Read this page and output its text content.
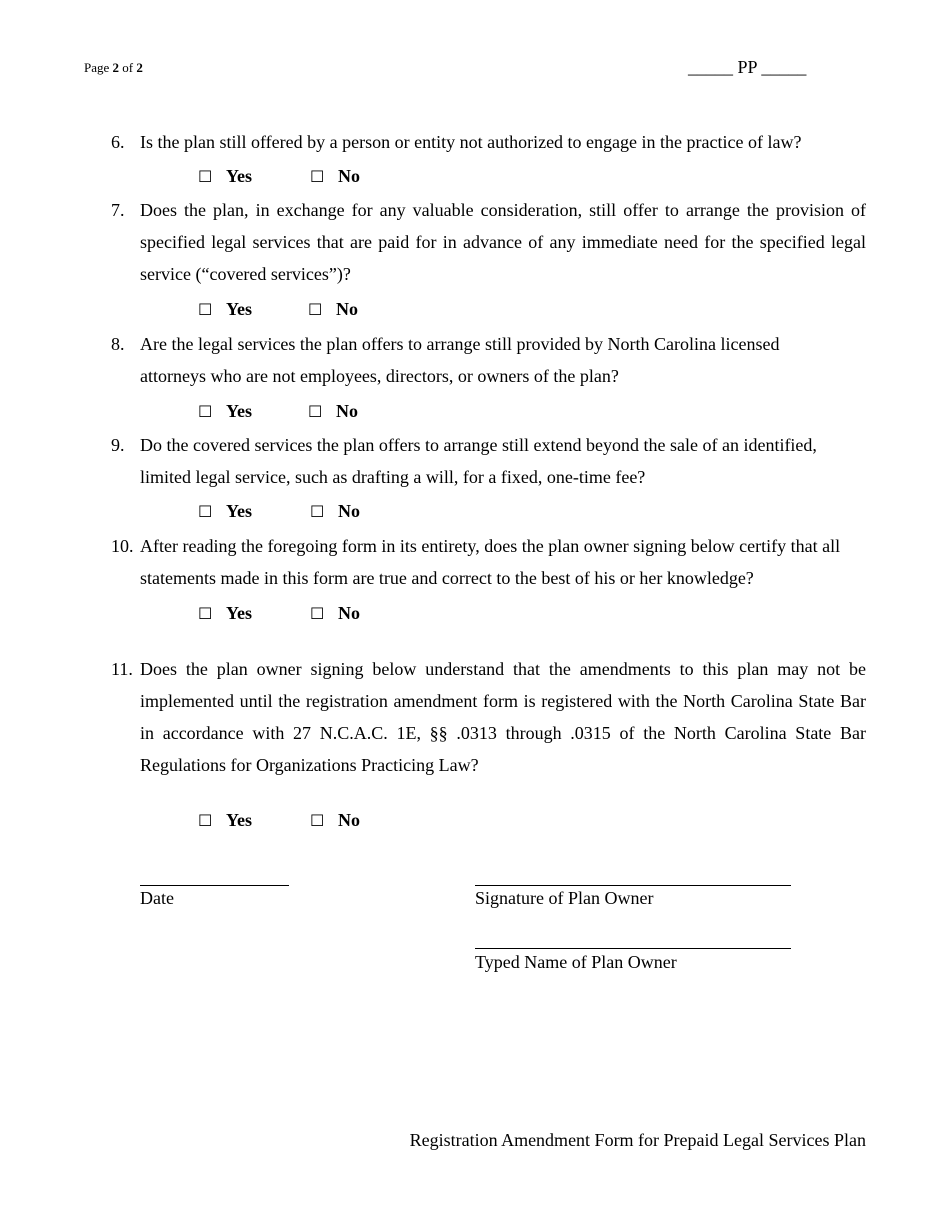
Page 2 of 2	_____ PP _____
6. Is the plan still offered by a person or entity not authorized to engage in the practice of law?
☐ Yes	☐ No
7. Does the plan, in exchange for any valuable consideration, still offer to arrange the provision of specified legal services that are paid for in advance of any immediate need for the specified legal service (“covered services”)?
☐ Yes	☐ No
8. Are the legal services the plan offers to arrange still provided by North Carolina licensed attorneys who are not employees, directors, or owners of the plan?
☐ Yes	☐ No
9. Do the covered services the plan offers to arrange still extend beyond the sale of an identified, limited legal service, such as drafting a will, for a fixed, one-time fee?
☐ Yes	☐ No
10. After reading the foregoing form in its entirety, does the plan owner signing below certify that all statements made in this form are true and correct to the best of his or her knowledge?
☐ Yes	☐ No
11. Does the plan owner signing below understand that the amendments to this plan may not be implemented until the registration amendment form is registered with the North Carolina State Bar in accordance with 27 N.C.A.C. 1E, §§ .0313 through .0315 of the North Carolina State Bar Regulations for Organizations Practicing Law?
☐ Yes	☐ No
Date	Signature of Plan Owner
Typed Name of Plan Owner
Registration Amendment Form for Prepaid Legal Services Plan
